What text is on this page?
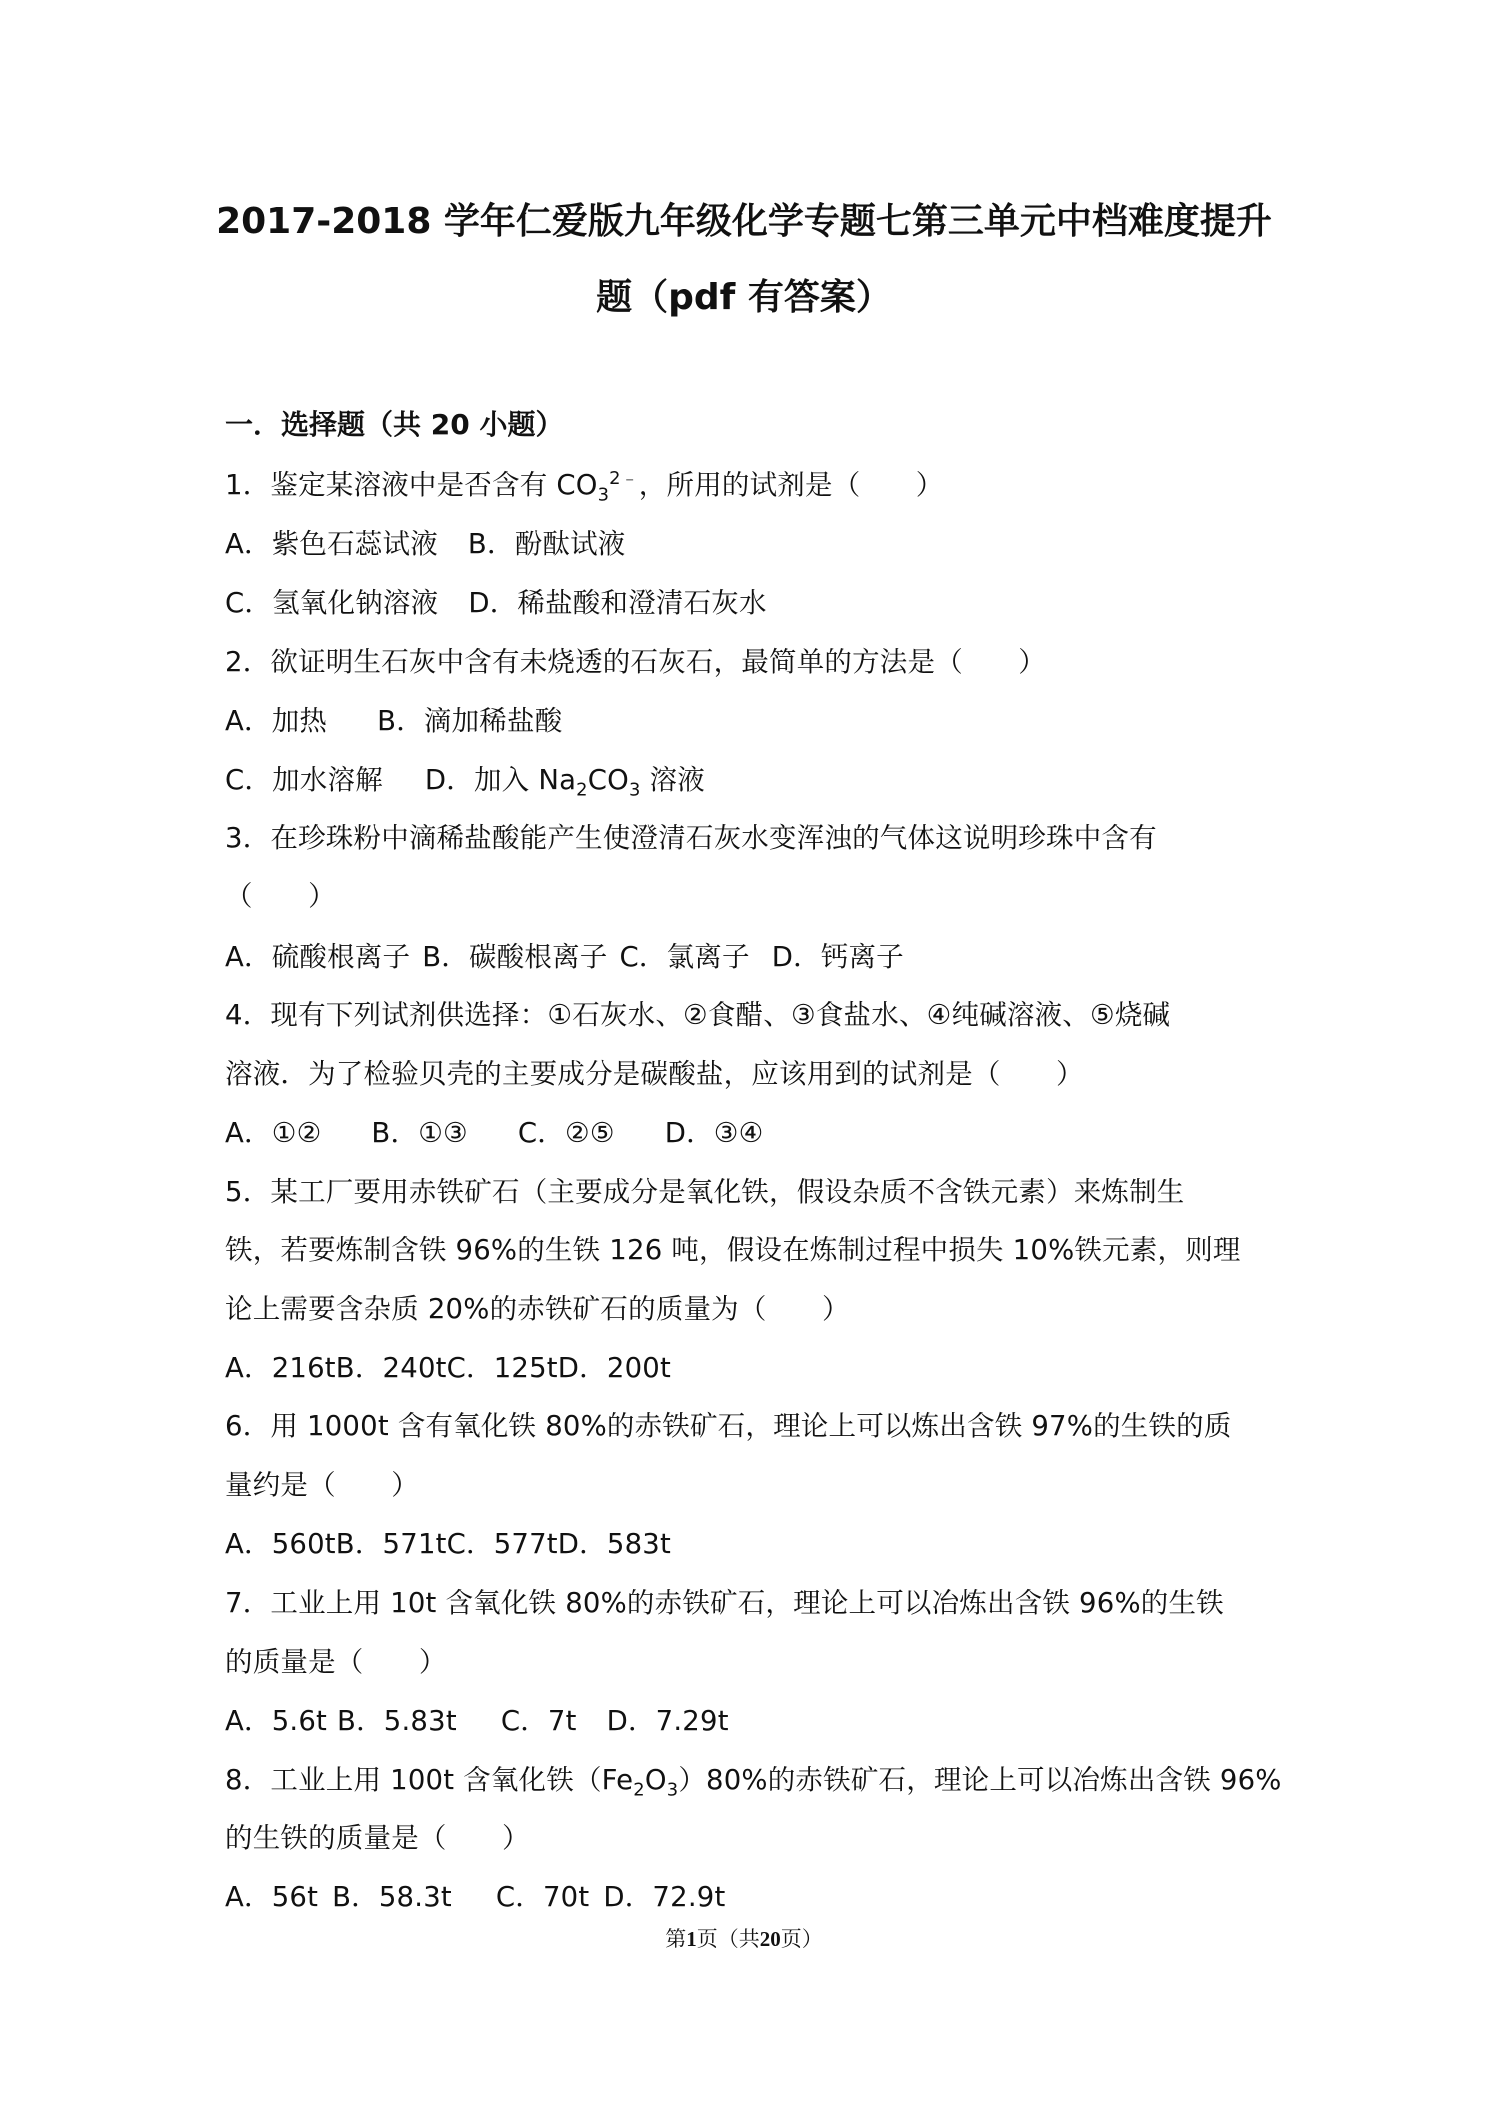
2017-2018 学年仁爱版九年级化学专题七第三单元中档难度提升
题（pdf 有答案）
一．选择题（共 20 小题）
1．鉴定某溶液中是否含有 $CO_3^{2﹣}$，所用的试剂是（　　）
A．紫色石蕊试液 B．酚酞试液
C．氢氧化钠溶液 D．稀盐酸和澄清石灰水
2．欲证明生石灰中含有未烧透的石灰石，最简单的方法是（　　）
A．加热 B．滴加稀盐酸
C．加水溶解 D．加入 $Na_2CO_3$ 溶液
3．在珍珠粉中滴稀盐酸能产生使澄清石灰水变浑浊的气体这说明珍珠中含有
（　　）
A．硫酸根离子 B．碳酸根离子 C．氯离子 D．钙离子
4．现有下列试剂供选择：①石灰水、②食醋、③食盐水、④纯碱溶液、⑤烧碱
溶液．为了检验贝壳的主要成分是碳酸盐，应该用到的试剂是（　　）
A．①② B．①③ C．②⑤ D．③④
5．某工厂要用赤铁矿石（主要成分是氧化铁，假设杂质不含铁元素）来炼制生
铁，若要炼制含铁 96%的生铁 126 吨，假设在炼制过程中损失 10%铁元素，则理
论上需要含杂质 20%的赤铁矿石的质量为（　　）
A．216tB．240tC．125tD．200t
6．用 1000t 含有氧化铁 80%的赤铁矿石，理论上可以炼出含铁 97%的生铁的质
量约是（　　）
A．560tB．571tC．577tD．583t
7．工业上用 10t 含氧化铁 80%的赤铁矿石，理论上可以冶炼出含铁 96%的生铁
的质量是（　　）
A．5.6t B．5.83t C．7t D．7.29t
8．工业上用 100t 含氧化铁$(Fe_2O_3)80\%$的赤铁矿石，理论上可以冶炼出含铁 96%
的生铁的质量是（　　）
A．56t B．58.3t C．70t D．72.9t
第1页（共20页）
